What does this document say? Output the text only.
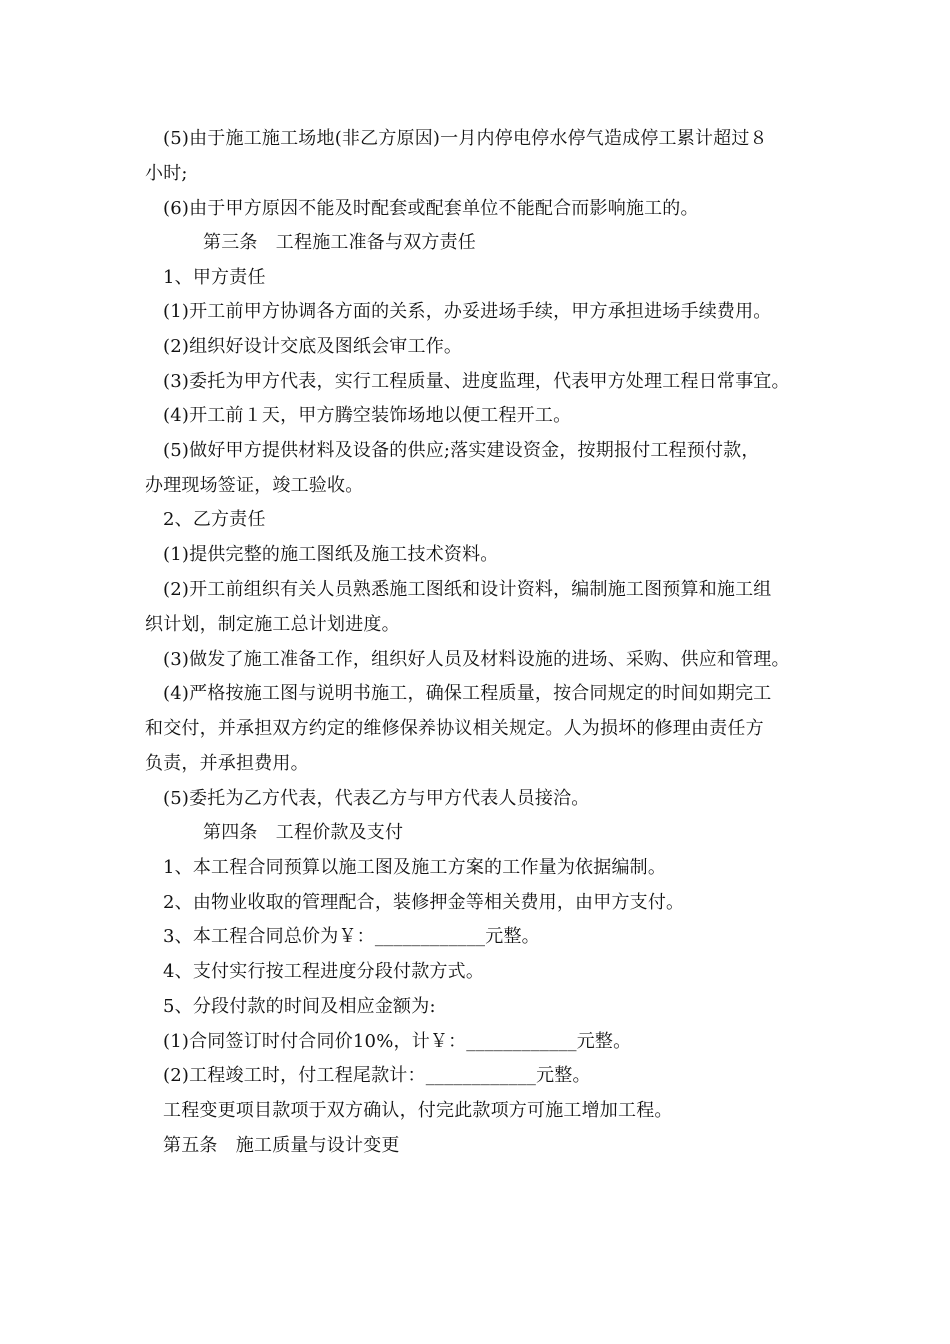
(5)由于施工施工场地(非乙方原因)一月内停电停水停气造成停工累计超过８
小时;
(6)由于甲方原因不能及时配套或配套单位不能配合而影响施工的。
第三条　工程施工准备与双方责任
1、甲方责任
(1)开工前甲方协调各方面的关系，办妥进场手续，甲方承担进场手续费用。
(2)组织好设计交底及图纸会审工作。
(3)委托为甲方代表，实行工程质量、进度监理，代表甲方处理工程日常事宜。
(4)开工前１天，甲方腾空装饰场地以便工程开工。
(5)做好甲方提供材料及设备的供应;落实建设资金，按期报付工程预付款，
办理现场签证，竣工验收。
2、乙方责任
(1)提供完整的施工图纸及施工技术资料。
(2)开工前组织有关人员熟悉施工图纸和设计资料，编制施工图预算和施工组
织计划，制定施工总计划进度。
(3)做发了施工准备工作，组织好人员及材料设施的进场、采购、供应和管理。
(4)严格按施工图与说明书施工，确保工程质量，按合同规定的时间如期完工
和交付，并承担双方约定的维修保养协议相关规定。人为损坏的修理由责任方
负责，并承担费用。
(5)委托为乙方代表，代表乙方与甲方代表人员接洽。
第四条　工程价款及支付
1、本工程合同预算以施工图及施工方案的工作量为依据编制。
2、由物业收取的管理配合，装修押金等相关费用，由甲方支付。
3、本工程合同总价为￥：____________元整。
4、支付实行按工程进度分段付款方式。
5、分段付款的时间及相应金额为:
(1)合同签订时付合同价10%，计￥：____________元整。
(2)工程竣工时，付工程尾款计：____________元整。
工程变更项目款项于双方确认，付完此款项方可施工增加工程。
第五条　施工质量与设计变更
